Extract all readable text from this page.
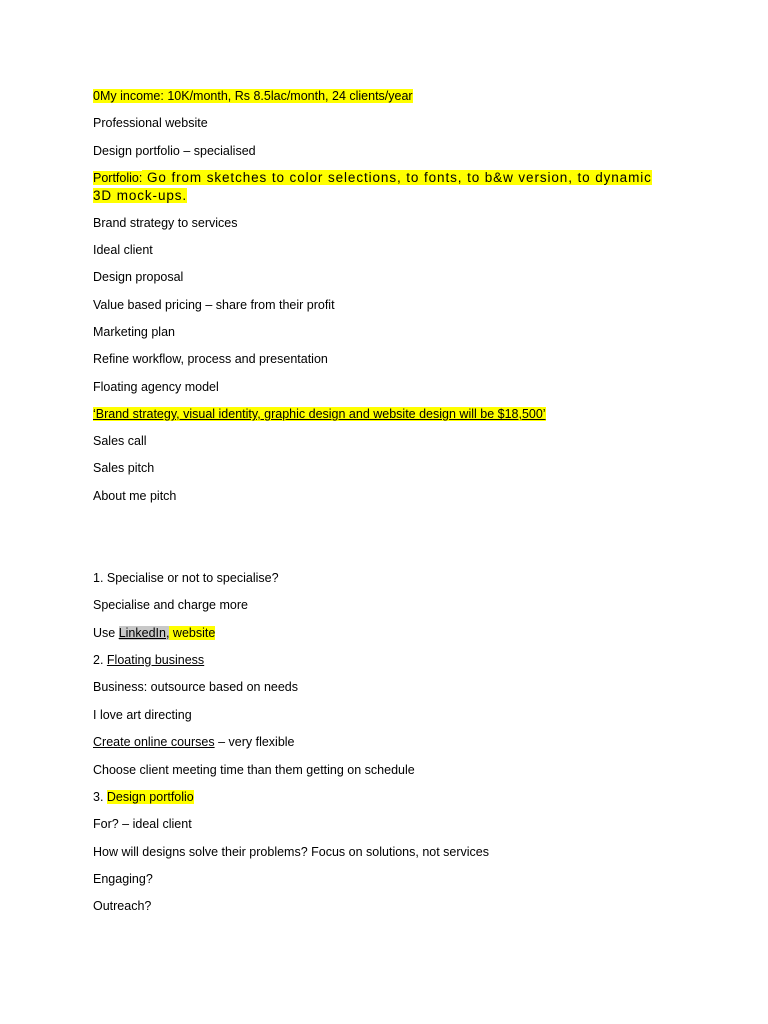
0My income: 10K/month, Rs 8.5lac/month, 24 clients/year
Professional website
Design portfolio – specialised
Portfolio: Go from sketches to color selections, to fonts, to b&w version, to dynamic 3D mock-ups.
Brand strategy to services
Ideal client
Design proposal
Value based pricing – share from their profit
Marketing plan
Refine workflow, process and presentation
Floating agency model
‘Brand strategy, visual identity, graphic design and website design will be $18,500’
Sales call
Sales pitch
About me pitch
1. Specialise or not to specialise?
Specialise and charge more
Use LinkedIn, website
2. Floating business
Business: outsource based on needs
I love art directing
Create online courses – very flexible
Choose client meeting time than them getting on schedule
3. Design portfolio
For? – ideal client
How will designs solve their problems? Focus on solutions, not services
Engaging?
Outreach?
